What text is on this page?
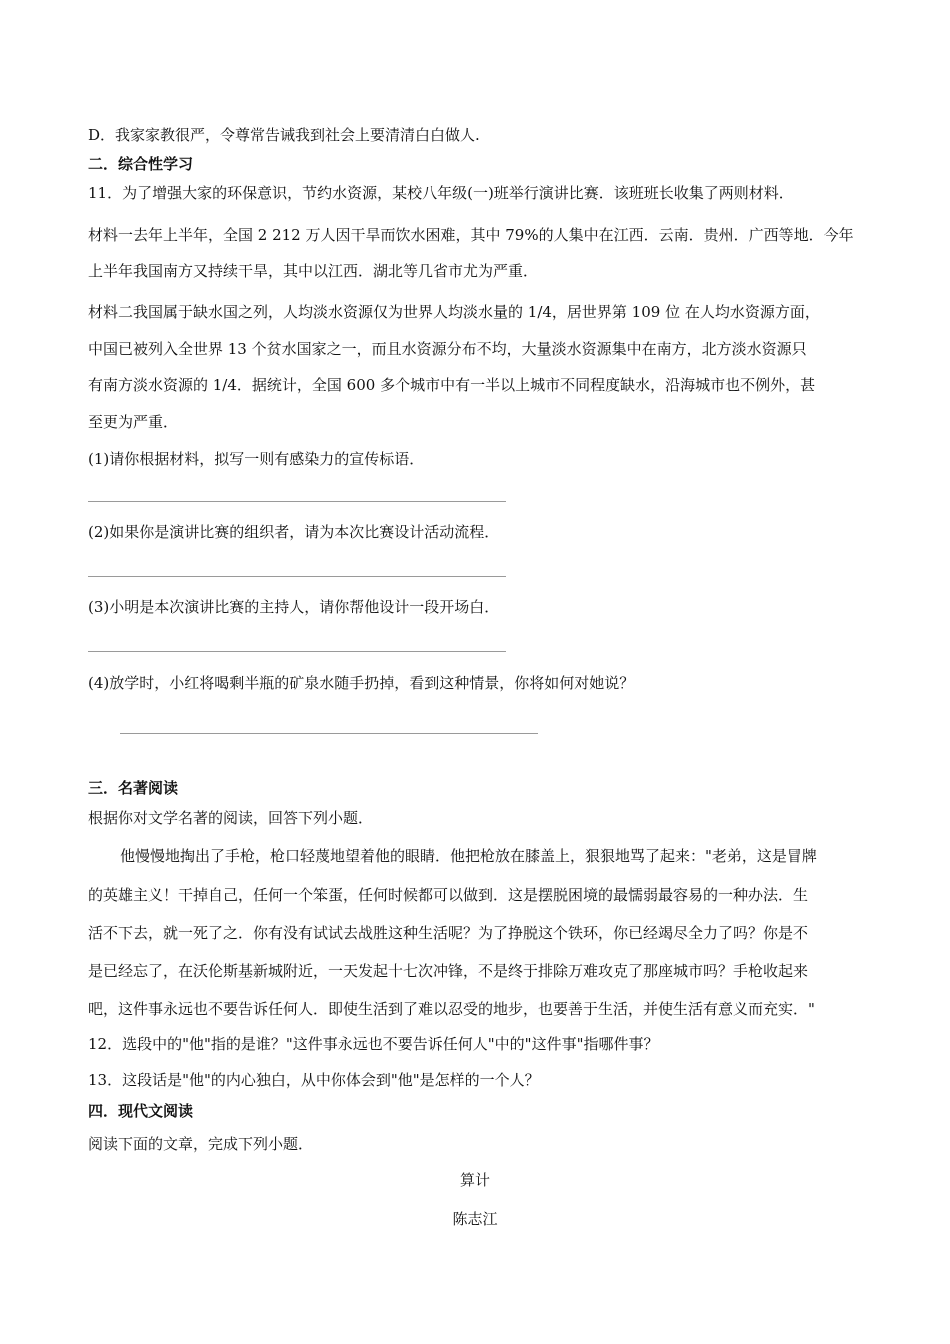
D．我家家教很严，令尊常告诫我到社会上要清清白白做人.
二．综合性学习
11．为了增强大家的环保意识，节约水资源，某校八年级(一)班举行演讲比赛．该班班长收集了两则材料．
材料一去年上半年，全国 2 212 万人因干旱而饮水困难，其中 79%的人集中在江西．云南．贵州．广西等地．今年
上半年我国南方又持续干旱，其中以江西．湖北等几省市尤为严重．
材料二我国属于缺水国之列，人均淡水资源仅为世界人均淡水量的 1/4，居世界第 109 位 在人均水资源方面，
中国已被列入全世界 13 个贫水国家之一，而且水资源分布不均，大量淡水资源集中在南方，北方淡水资源只
有南方淡水资源的 1/4．据统计，全国 600 多个城市中有一半以上城市不同程度缺水，沿海城市也不例外，甚
至更为严重．
(1)请你根据材料，拟写一则有感染力的宣传标语．
(2)如果你是演讲比赛的组织者，请为本次比赛设计活动流程．
(3)小明是本次演讲比赛的主持人，请你帮他设计一段开场白．
(4)放学时，小红将喝剩半瓶的矿泉水随手扔掉，看到这种情景，你将如何对她说？
三．名著阅读
根据你对文学名著的阅读，回答下列小题．
他慢慢地掏出了手枪，枪口轻蔑地望着他的眼睛．他把枪放在膝盖上，狠狠地骂了起来："老弟，这是冒牌
的英雄主义！干掉自己，任何一个笨蛋，任何时候都可以做到．这是摆脱困境的最懦弱最容易的一种办法．生
活不下去，就一死了之．你有没有试试去战胜这种生活呢？为了挣脱这个铁环，你已经竭尽全力了吗？你是不
是已经忘了，在沃伦斯基新城附近，一天发起十七次冲锋，不是终于排除万难攻克了那座城市吗？手枪收起来
吧，这件事永远也不要告诉任何人．即使生活到了难以忍受的地步，也要善于生活，并使生活有意义而充实．"
12．选段中的"他"指的是谁？"这件事永远也不要告诉任何人"中的"这件事"指哪件事？
13．这段话是"他"的内心独白，从中你体会到"他"是怎样的一个人？
四．现代文阅读
阅读下面的文章，完成下列小题．
算计
陈志江
